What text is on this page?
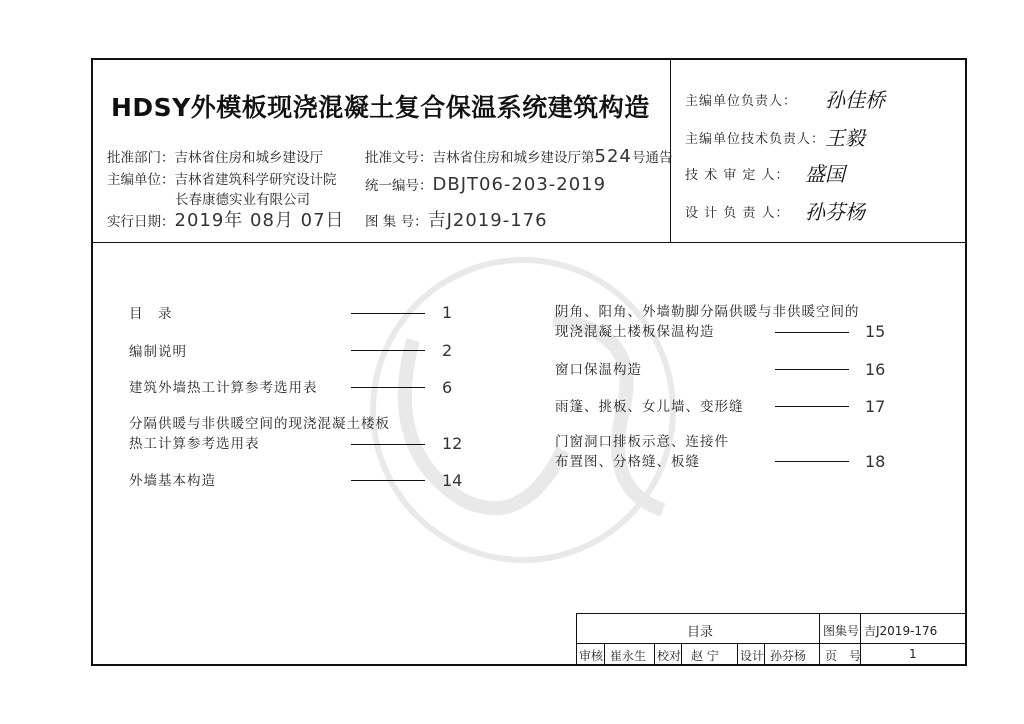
HDSY外模板现浇混凝土复合保温系统建筑构造
批准部门：吉林省住房和城乡建设厅
主编单位：吉林省建筑科学研究设计院
长春康德实业有限公司
实行日期：2019年 08月 07日
批准文号：吉林省住房和城乡建设厅第524号通告
统一编号：DBJT06-203-2019
图 集 号：吉J2019-176
主编单位负责人： 孙佳桥
主编单位技术负责人： 王毅
技 术 审 定 人： 盛国
设 计 负 责 人： 孙芬杨
目　录	1
编制说明	2
建筑外墙热工计算参考选用表	6
分隔供暖与非供暖空间的现浇混凝土楼板
热工计算参考选用表	12
外墙基本构造	14
阴角、阳角、外墙勒脚分隔供暖与非供暖空间的
现浇混凝土楼板保温构造	15
窗口保温构造	16
雨篷、挑板、女儿墙、变形缝	17
门窗洞口排板示意、连接件
布置图、分格缝、板缝	18
目录	图集号 吉J2019-176
审核 崔永生 校对 赵 宁 设计 孙芬杨 页　号	1
